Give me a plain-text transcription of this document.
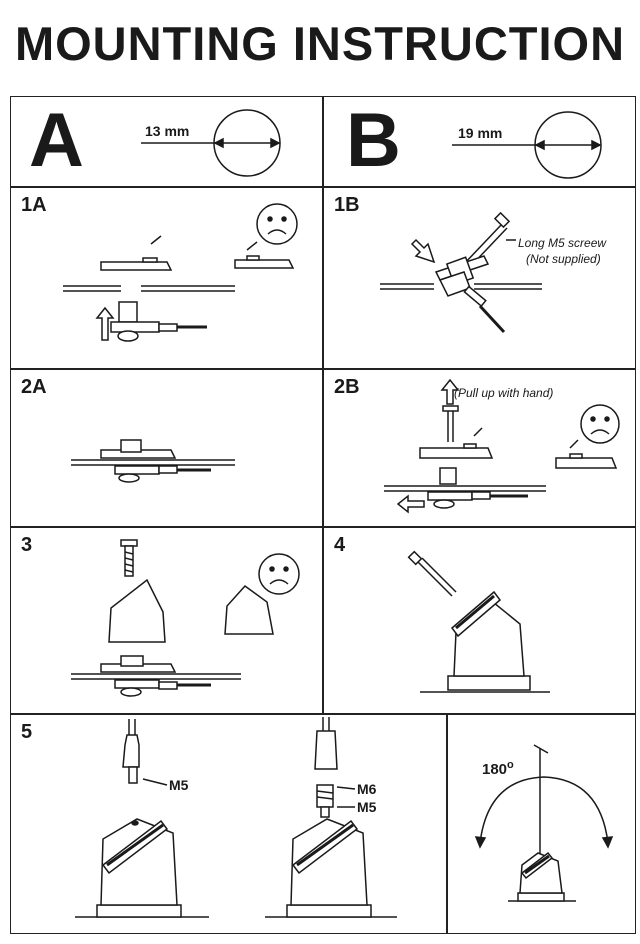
MOUNTING INSTRUCTION
A	13 mm B	19 mm
1A	1B
Long M5 screew
(Not supplied)
2A	2B	(Pull up with hand)
3	4
5
M5	M6
M5
180$^o$
